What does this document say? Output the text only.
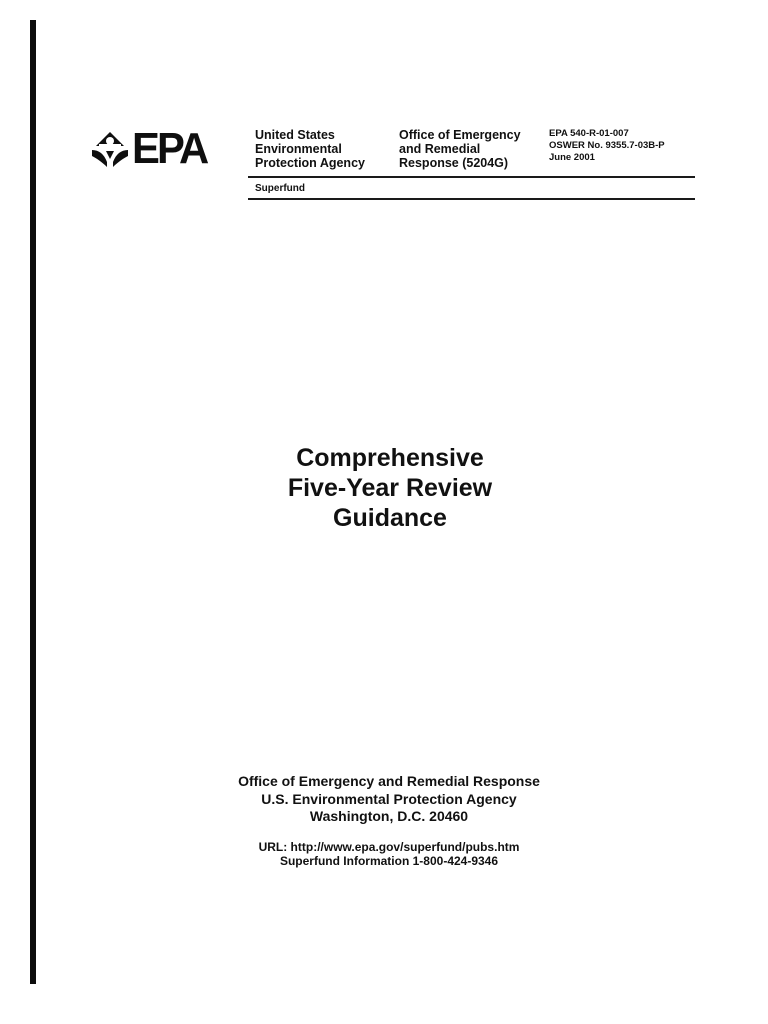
EPA	United States
Environmental
Protection Agency
Office of Emergency
and Remedial
Response (5204G)
EPA 540-R-01-007
OSWER No. 9355.7-03B-P
June 2001
Superfund
Comprehensive
Five-Year Review
Guidance
Office of Emergency and Remedial Response
U.S. Environmental Protection Agency
Washington, D.C. 20460
URL: http://www.epa.gov/superfund/pubs.htm
Superfund Information 1-800-424-9346
